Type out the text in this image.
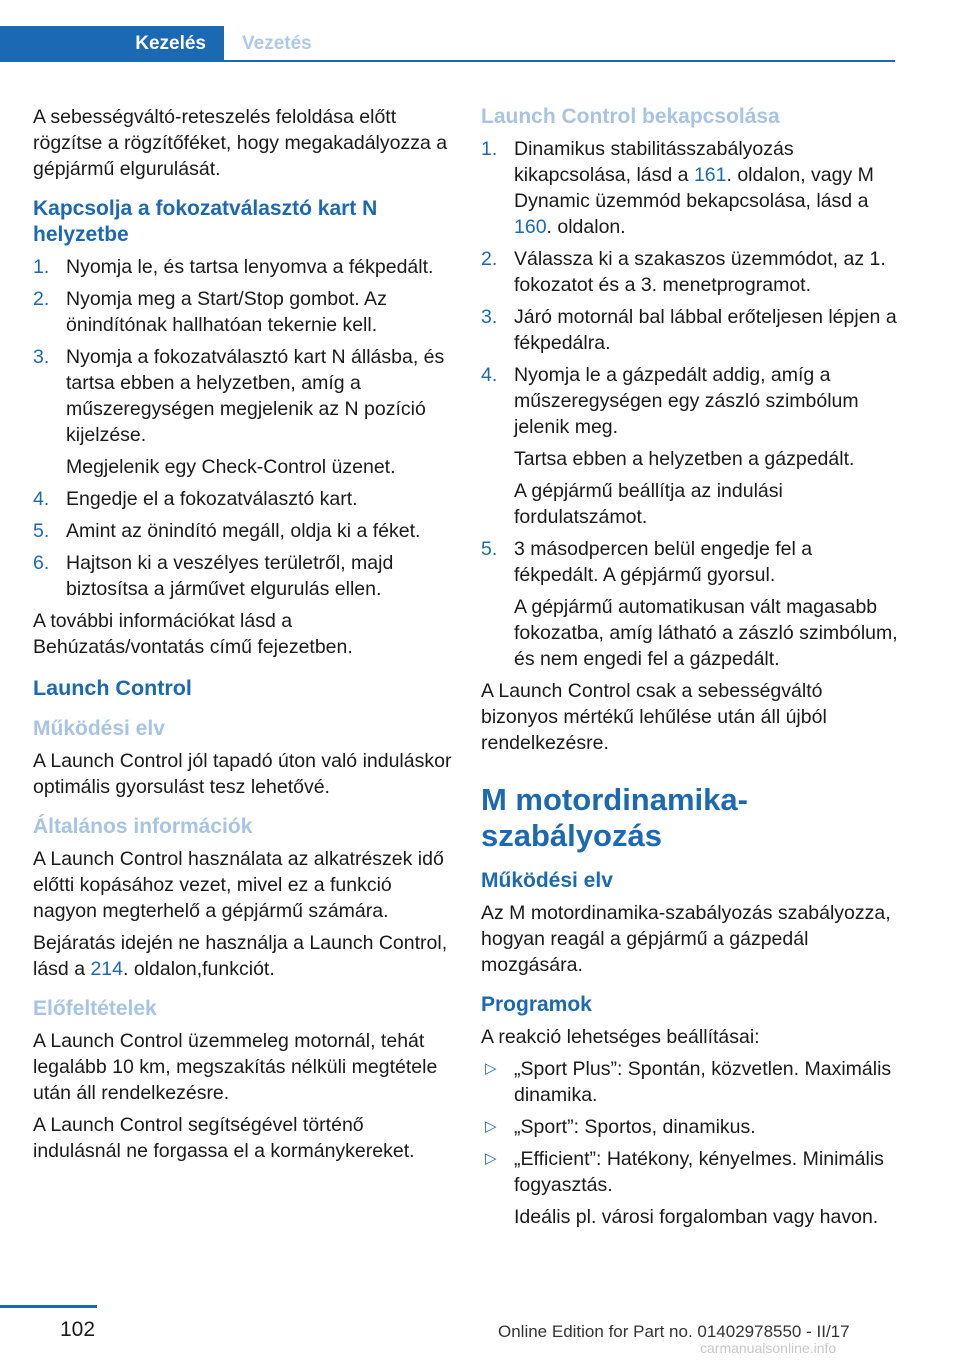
Kezelés	Vezetés

A sebességváltó-reteszelés feloldása előtt rögzítse a rögzítőféket, hogy megakadályozza a gépjármű elgurulását.

Kapcsolja a fokozatválasztó kart N helyzetbe
1. Nyomja le, és tartsa lenyomva a fékpedált.
2. Nyomja meg a Start/Stop gombot. Az önindítónak hallhatóan tekernie kell.
3. Nyomja a fokozatválasztó kart N állásba, és tartsa ebben a helyzetben, amíg a műszeregységen megjelenik az N pozíció kijelzése.
Megjelenik egy Check-Control üzenet.
4. Engedje el a fokozatválasztó kart.
5. Amint az önindító megáll, oldja ki a féket.
6. Hajtson ki a veszélyes területről, majd biztosítsa a járművet elgurulás ellen.

A további információkat lásd a Behúzatás/vontatás című fejezetben.

Launch Control
Működési elv

A Launch Control jól tapadó úton való induláskor optimális gyorsulást tesz lehetővé.

Általános információk

A Launch Control használata az alkatrészek idő előtti kopásához vezet, mivel ez a funkció nagyon megterhelő a gépjármű számára.

Bejáratás idején ne használja a Launch Control, lásd a 214. oldalon,funkciót.

Előfeltételek

A Launch Control üzemmeleg motornál, tehát legalább 10 km, megszakítás nélküli megtétele után áll rendelkezésre.

A Launch Control segítségével történő indulásnál ne forgassa el a kormánykereket.

Launch Control bekapcsolása
1. Dinamikus stabilitásszabályozás kikapcsolása, lásd a 161. oldalon, vagy M Dynamic üzemmód bekapcsolása, lásd a 160. oldalon.
2. Válassza ki a szakaszos üzemmódot, az 1. fokozatot és a 3. menetprogramot.
3. Járó motornál bal lábbal erőteljesen lépjen a fékpedálra.
4. Nyomja le a gázpedált addig, amíg a műszeregységen egy zászló szimbólum jelenik meg.
Tartsa ebben a helyzetben a gázpedált.
A gépjármű beállítja az indulási fordulatszámot.
5. 3 másodpercen belül engedje fel a fékpedált. A gépjármű gyorsul.
A gépjármű automatikusan vált magasabb fokozatba, amíg látható a zászló szimbólum, és nem engedi fel a gázpedált.

A Launch Control csak a sebességváltó bizonyos mértékű lehűlése után áll újból rendelkezésre.

M motordinamika-szabályozás
Működési elv

Az M motordinamika-szabályozás szabályozza, hogyan reagál a gépjármű a gázpedál mozgására.

Programok

A reakció lehetséges beállításai:

▷ „Sport Plus”: Spontán, közvetlen. Maximális dinamika.
▷ „Sport”: Sportos, dinamikus.
▷ „Efficient”: Hatékony, kényelmes. Minimális fogyasztás.
Ideális pl. városi forgalomban vagy havon.
102	Online Edition for Part no. 01402978550 - II/17
carmanualsonline.info
